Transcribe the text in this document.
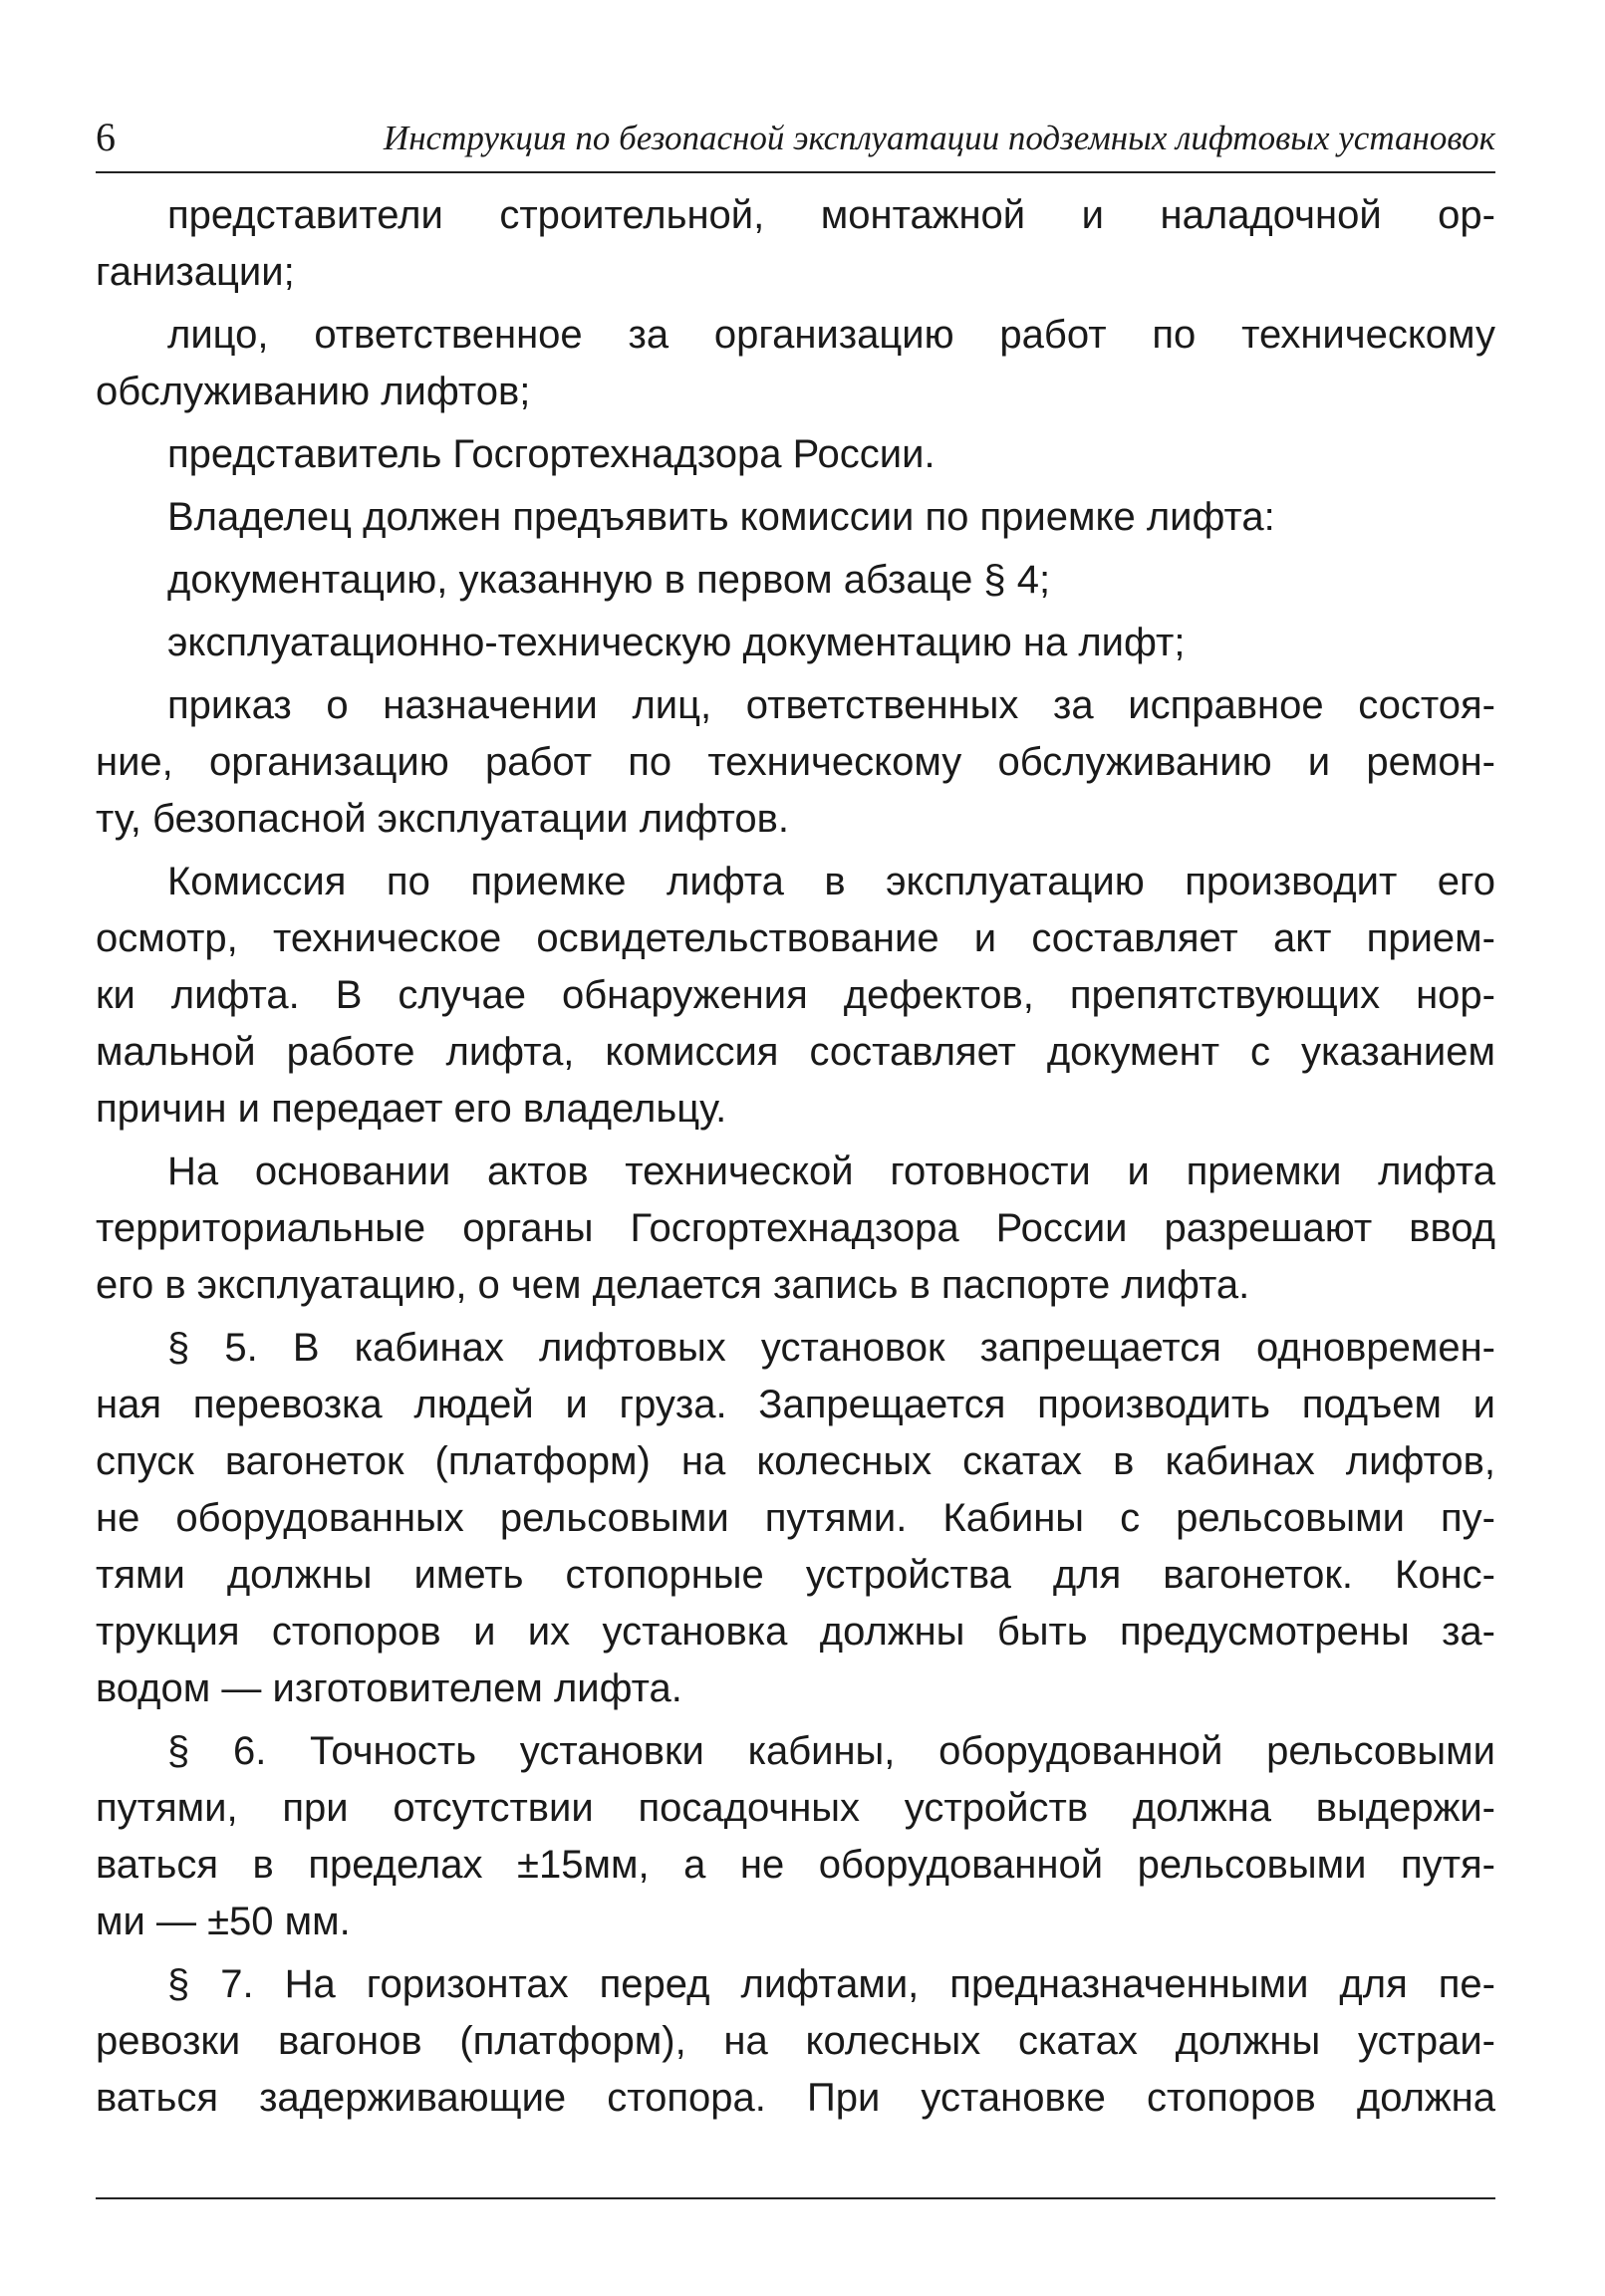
6	Инструкция по безопасной эксплуатации подземных лифтовых установок
представители строительной, монтажной и наладочной ор-
ганизации;
лицо, ответственное за организацию работ по техническому
обслуживанию лифтов;
представитель Госгортехнадзора России.
Владелец должен предъявить комиссии по приемке лифта:
документацию, указанную в первом абзаце § 4;
эксплуатационно-техническую документацию на лифт;
приказ о назначении лиц, ответственных за исправное состоя-
ние, организацию работ по техническому обслуживанию и ремон-
ту, безопасной эксплуатации лифтов.
Комиссия по приемке лифта в эксплуатацию производит его
осмотр, техническое освидетельствование и составляет акт прием-
ки лифта. В случае обнаружения дефектов, препятствующих нор-
мальной работе лифта, комиссия составляет документ с указанием
причин и передает его владельцу.
На основании актов технической готовности и приемки лифта
территориальные органы Госгортехнадзора России разрешают ввод
его в эксплуатацию, о чем делается запись в паспорте лифта.
§ 5. В кабинах лифтовых установок запрещается одновремен-
ная перевозка людей и груза. Запрещается производить подъем и
спуск вагонеток (платформ) на колесных скатах в кабинах лифтов,
не оборудованных рельсовыми путями. Кабины с рельсовыми пу-
тями должны иметь стопорные устройства для вагонеток. Конс-
трукция стопоров и их установка должны быть предусмотрены за-
водом — изготовителем лифта.
§ 6. Точность установки кабины, оборудованной рельсовыми
путями, при отсутствии посадочных устройств должна выдержи-
ваться в пределах ±15мм, а не оборудованной рельсовыми путя-
ми — ±50 мм.
§ 7. На горизонтах перед лифтами, предназначенными для пе-
ревозки вагонов (платформ), на колесных скатах должны устраи-
ваться задерживающие стопора. При установке стопоров должна
